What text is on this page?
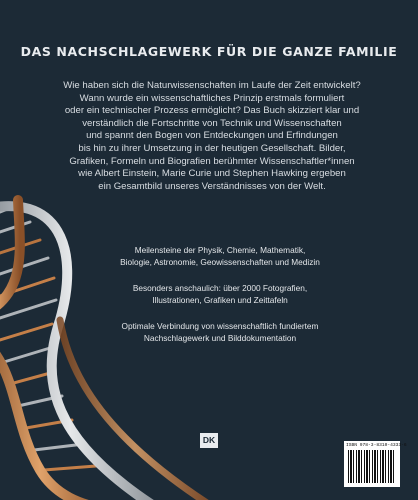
DAS NACHSCHLAGEWERK FÜR DIE GANZE FAMILIE
Wie haben sich die Naturwissenschaften im Laufe der Zeit entwickelt?
Wann wurde ein wissenschaftliches Prinzip erstmals formuliert
oder ein technischer Prozess ermöglicht? Das Buch skizziert klar und
verständlich die Fortschritte von Technik und Wissenschaften
und spannt den Bogen von Entdeckungen und Erfindungen
bis hin zu ihrer Umsetzung in der heutigen Gesellschaft. Bilder,
Grafiken, Formeln und Biografien berühmter Wissenschaftler*innen
wie Albert Einstein, Marie Curie und Stephen Hawking ergeben
ein Gesamtbild unseres Verständnisses von der Welt.

Meilensteine der Physik, Chemie, Mathematik,
Biologie, Astronomie, Geowissenschaften und Medizin

Besonders anschaulich: über 2000 Fotografien,
Illustrationen, Grafiken und Zeittafeln

Optimale Verbindung von wissenschaftlich fundiertem
Nachschlagewerk und Bilddokumentation

DK
ISBN 978-3-8310-4333-6
